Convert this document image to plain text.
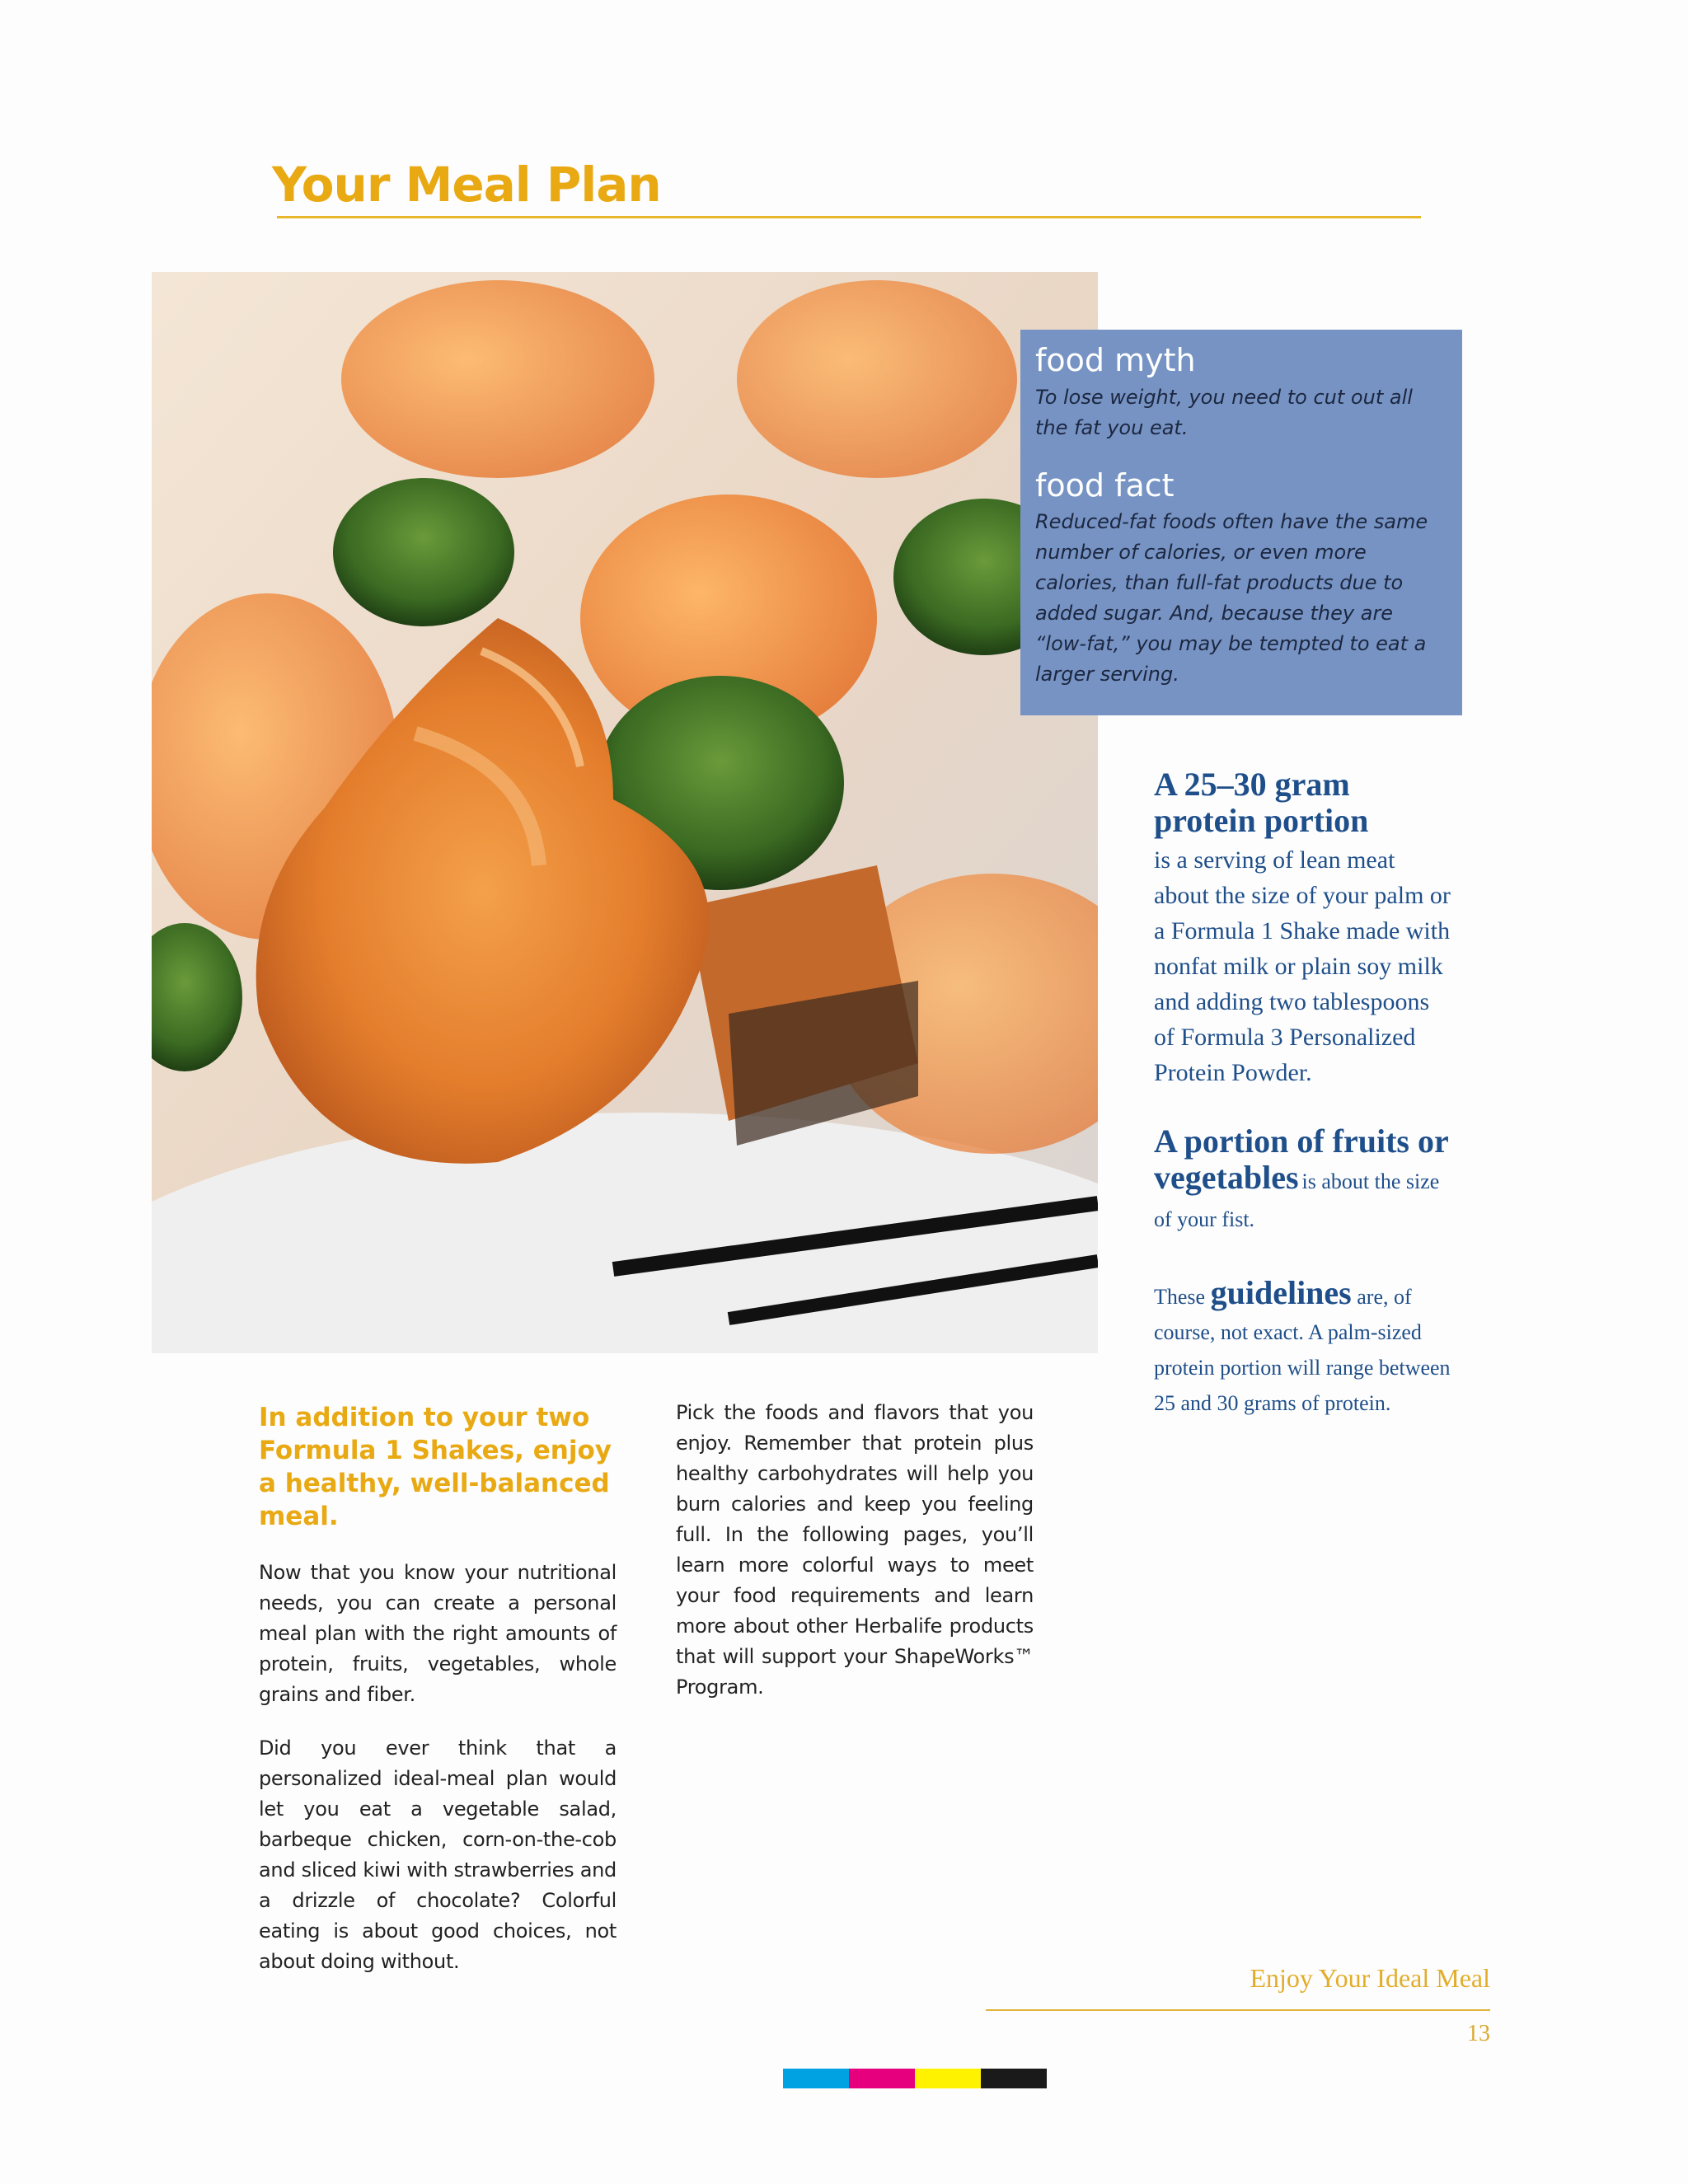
Your Meal Plan

food myth

To lose weight, you need to cut out all the fat you eat.

food fact

Reduced-fat foods often have the same number of calories, or even more calories, than full-fat products due to added sugar. And, because they are “low-fat,” you may be tempted to eat a larger serving.

A 25–30 gram protein portion

is a serving of lean meat about the size of your palm or a Formula 1 Shake made with nonfat milk or plain soy milk and adding two tablespoons of Formula 3 Personalized Protein Powder.

A portion of fruits or vegetables is about the size of your fist.
These guidelines are, of course, not exact. A palm-sized protein portion will range between 25 and 30 grams of protein.

In addition to your two Formula 1 Shakes, enjoy a healthy, well-balanced meal.

Now that you know your nutritional needs, you can create a personal meal plan with the right amounts of protein, fruits, vegetables, whole grains and fiber.

Did you ever think that a personalized ideal-meal plan would let you eat a vegetable salad, barbeque chicken, corn-on-the-cob and sliced kiwi with strawberries and a drizzle of chocolate? Colorful eating is about good choices, not about doing without.

Pick the foods and flavors that you enjoy. Remember that protein plus healthy carbohydrates will help you burn calories and keep you feeling full. In the following pages, you’ll learn more colorful ways to meet your food requirements and learn more about other Herbalife products that will support your ShapeWorks™ Program.

Enjoy Your Ideal Meal
13
